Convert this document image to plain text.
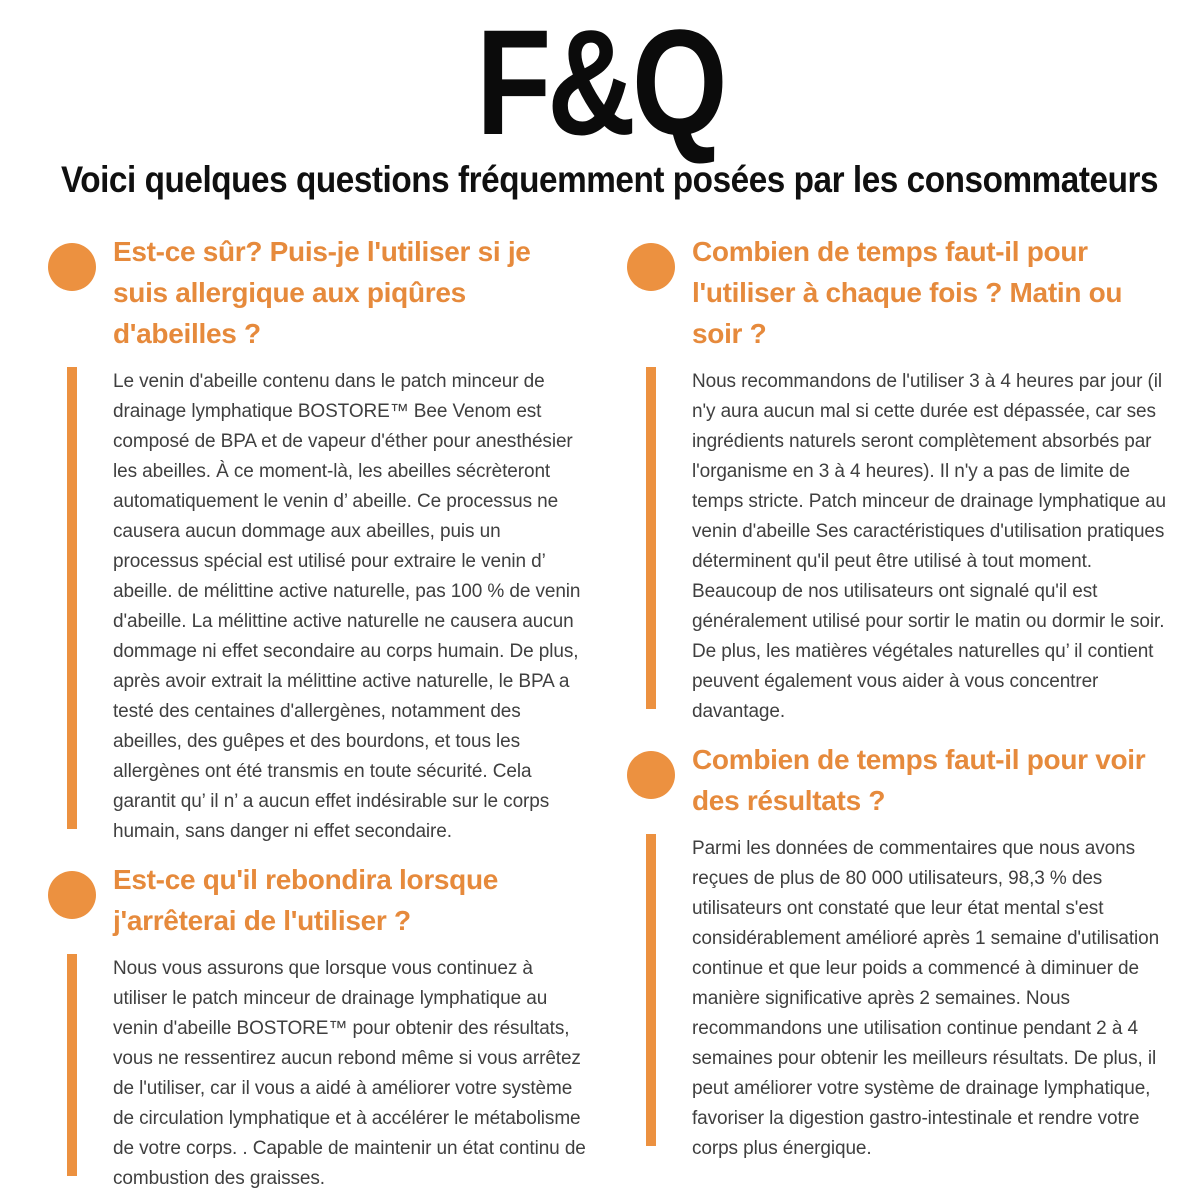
F&Q
Voici quelques questions fréquemment posées par les consommateurs
Est-ce sûr? Puis-je l'utiliser si je suis allergique aux piqûres d'abeilles ?
Le venin d'abeille contenu dans le patch minceur de drainage lymphatique BOSTORE™ Bee Venom est composé de BPA et de vapeur d'éther pour anesthésier les abeilles. À ce moment-là, les abeilles sécrèteront automatiquement le venin d’ abeille. Ce processus ne causera aucun dommage aux abeilles, puis un processus spécial est utilisé pour extraire le venin d’ abeille. de mélittine active naturelle, pas 100 % de venin d'abeille. La mélittine active naturelle ne causera aucun dommage ni effet secondaire au corps humain. De plus, après avoir extrait la mélittine active naturelle, le BPA a testé des centaines d'allergènes, notamment des abeilles, des guêpes et des bourdons, et tous les allergènes ont été transmis en toute sécurité. Cela garantit qu’ il n’ a aucun effet indésirable sur le corps humain, sans danger ni effet secondaire.
Est-ce qu'il rebondira lorsque j'arrêterai de l'utiliser ?
Nous vous assurons que lorsque vous continuez à utiliser le patch minceur de drainage lymphatique au venin d'abeille BOSTORE™ pour obtenir des résultats, vous ne ressentirez aucun rebond même si vous arrêtez de l'utiliser, car il vous a aidé à améliorer votre système de circulation lymphatique et à accélérer le métabolisme de votre corps. . Capable de maintenir un état continu de combustion des graisses.
Combien de temps faut-il pour l'utiliser à chaque fois ? Matin ou soir ?
Nous recommandons de l'utiliser 3 à 4 heures par jour (il n'y aura aucun mal si cette durée est dépassée, car ses ingrédients naturels seront complètement absorbés par l'organisme en 3 à 4 heures). Il n'y a pas de limite de temps stricte. Patch minceur de drainage lymphatique au venin d'abeille Ses caractéristiques d'utilisation pratiques déterminent qu'il peut être utilisé à tout moment. Beaucoup de nos utilisateurs ont signalé qu'il est généralement utilisé pour sortir le matin ou dormir le soir. De plus, les matières végétales naturelles qu’ il contient peuvent également vous aider à vous concentrer davantage.
Combien de temps faut-il pour voir des résultats ?
Parmi les données de commentaires que nous avons reçues de plus de 80 000 utilisateurs, 98,3 % des utilisateurs ont constaté que leur état mental s'est considérablement amélioré après 1 semaine d'utilisation continue et que leur poids a commencé à diminuer de manière significative après 2 semaines. Nous recommandons une utilisation continue pendant 2 à 4 semaines pour obtenir les meilleurs résultats. De plus, il peut améliorer votre système de drainage lymphatique, favoriser la digestion gastro-intestinale et rendre votre corps plus énergique.
